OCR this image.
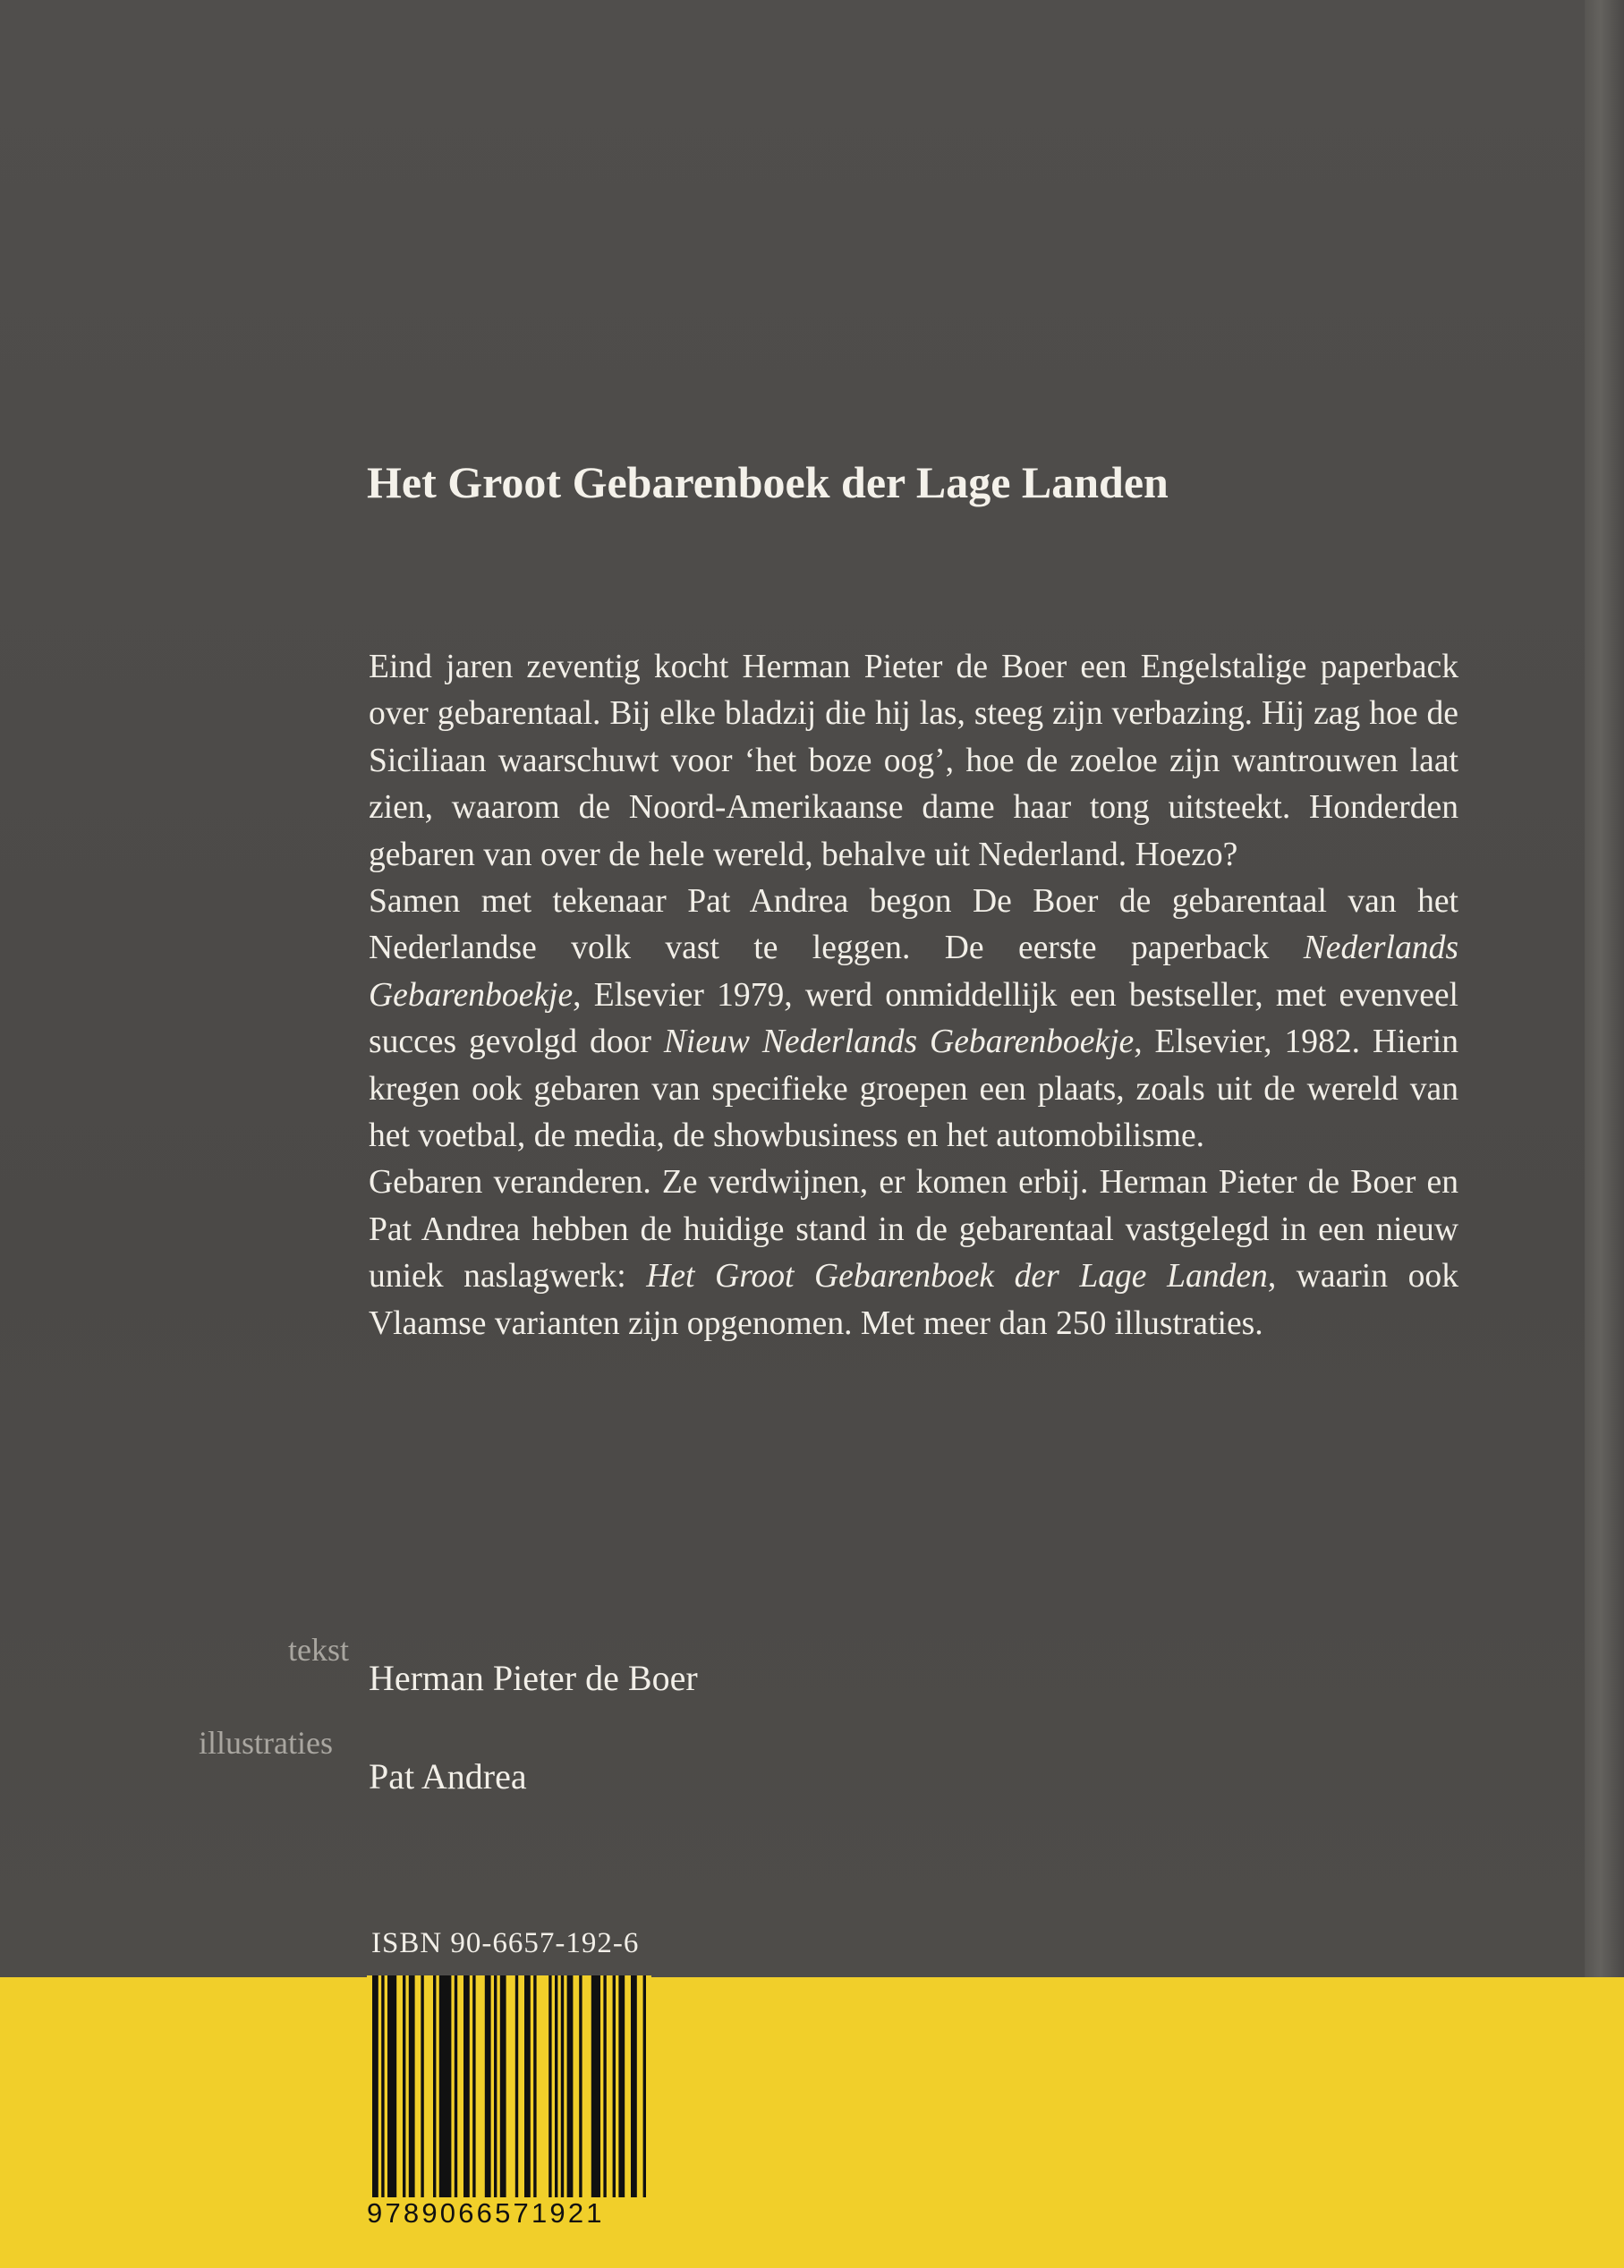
Het Groot Gebarenboek der Lage Landen

Eind jaren zeventig kocht Herman Pieter de Boer een Engelstalige paperback over gebarentaal. Bij elke bladzij die hij las, steeg zijn verbazing. Hij zag hoe de Siciliaan waarschuwt voor ‘het boze oog’, hoe de zoeloe zijn wantrouwen laat zien, waarom de Noord-Amerikaanse dame haar tong uitsteekt. Honderden gebaren van over de hele wereld, behalve uit Nederland. Hoezo?

Samen met tekenaar Pat Andrea begon De Boer de gebarentaal van het Nederlandse volk vast te leggen. De eerste paperback Nederlands Gebarenboekje, Elsevier 1979, werd onmiddellijk een bestseller, met evenveel succes gevolgd door Nieuw Nederlands Gebarenboekje, Elsevier, 1982. Hierin kregen ook gebaren van specifieke groepen een plaats, zoals uit de wereld van het voetbal, de media, de showbusiness en het automobilisme.

Gebaren veranderen. Ze verdwijnen, er komen erbij. Herman Pieter de Boer en Pat Andrea hebben de huidige stand in de gebarentaal vastgelegd in een nieuw uniek naslagwerk: Het Groot Gebarenboek der Lage Landen, waarin ook Vlaamse varianten zijn opgenomen. Met meer dan 250 illustraties.

tekst
Herman Pieter de Boer
illustraties
Pat Andrea
ISBN 90-6657-192-6
9789066571921
